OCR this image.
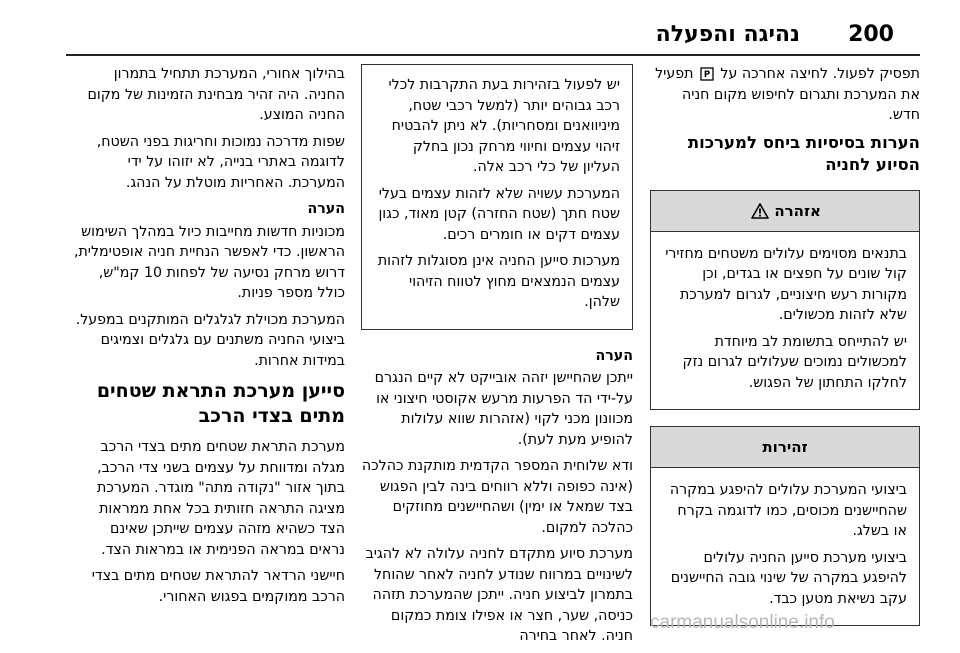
200
נהיגה והפעלה

תפסיק לפעול. לחיצה אחרכה על
P
תפעיל את המערכת ותגרום לחיפוש מקום חניה חדש.

הערות בסיסיות ביחס למערכות הסיוע לחניה
אזהרה

בתנאים מסוימים עלולים משטחים מחזירי קול שונים על חפצים או בגדים, וכן מקורות רעש חיצוניים, לגרום למערכת שלא לזהות מכשולים.

יש להתייחס בתשומת לב מיוחדת למכשולים נמוכים שעלולים לגרום נזק לחלקו התחתון של הפגוש.

זהירות

ביצועי המערכת עלולים להיפגע במקרה שהחיישנים מכוסים, כמו לדוגמה בקרח או בשלג.

ביצועי מערכת סייען החניה עלולים להיפגע במקרה של שינוי גובה החיישנים עקב נשיאת מטען כבד.

יש לפעול בזהירות בעת התקרבות לכלי רכב גבוהים יותר (למשל רכבי שטח, מיניוואנים ומסחריות). לא ניתן להבטיח זיהוי עצמים וחיווי מרחק נכון בחלק העליון של כלי רכב אלה.

המערכת עשויה שלא לזהות עצמים בעלי שטח חתך (שטח החזרה) קטן מאוד, כגון עצמים דקים או חומרים רכים.

מערכות סייען החניה אינן מסוגלות לזהות עצמים הנמצאים מחוץ לטווח הזיהוי שלהן.

הערה

ייתכן שהחיישן יזהה אובייקט לא קיים הנגרם על-ידי הד הפרעות מרעש אקוסטי חיצוני או מכוונון מכני לקוי (אזהרות שווא עלולות להופיע מעת לעת).

ודא שלוחית המספר הקדמית מותקנת כהלכה (אינה כפופה וללא רווחים בינה לבין הפגוש בצד שמאל או ימין) ושהחיישנים מחוזקים כהלכה למקום.

מערכת סיוע מתקדם לחניה עלולה לא להגיב לשינויים במרווח שנודע לחניה לאחר שהוחל בתמרון לביצוע חניה. ייתכן שהמערכת תזהה כניסה, שער, חצר או אפילו צומת כמקום חניה. לאחר בחירה

בהילוך אחורי, המערכת תתחיל בתמרון החניה. היה זהיר מבחינת הזמינות של מקום החניה המוצע.

שפות מדרכה נמוכות וחריגות בפני השטח, לדוגמה באתרי בנייה, לא יזוהו על ידי המערכת. האחריות מוטלת על הנהג.

הערה

מכוניות חדשות מחייבות כיול במהלך השימוש הראשון. כדי לאפשר הנחיית חניה אופטימלית, דרוש מרחק נסיעה של לפחות 10 קמ"ש, כולל מספר פניות.

המערכת מכוילת לגלגלים המותקנים במפעל. ביצועי החניה משתנים עם גלגלים וצמיגים במידות אחרות.

סייען מערכת התראת שטחים מתים בצדי הרכב

מערכת התראת שטחים מתים בצדי הרכב מגלה ומדווחת על עצמים בשני צדי הרכב, בתוך אזור "נקודה מתה" מוגדר. המערכת מציגה התראה חזותית בכל אחת ממראות הצד כשהיא מזהה עצמים שייתכן שאינם נראים במראה הפנימית או במראות הצד.

חיישני הרדאר להתראת שטחים מתים בצדי הרכב ממוקמים בפגוש האחורי.

carmanualsonline.info
